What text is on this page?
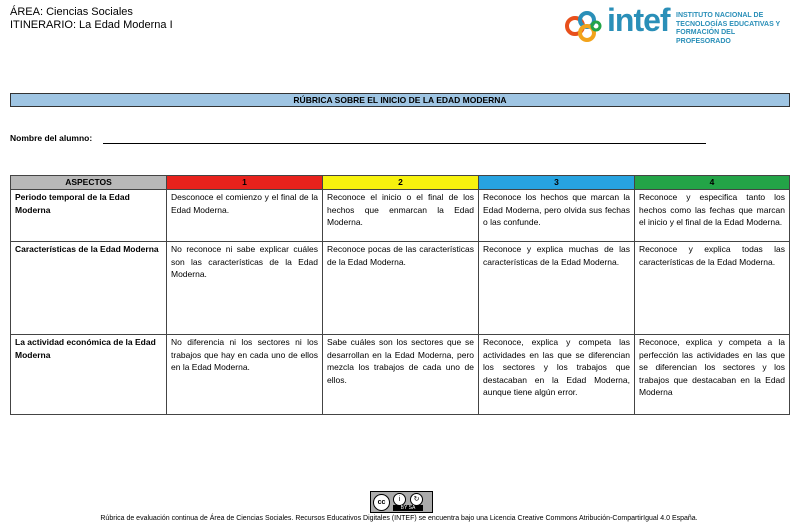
ÁREA: Ciencias Sociales
ITINERARIO: La Edad Moderna I	intef INSTITUTO NACIONAL DE
TECNOLOGÍAS EDUCATIVAS Y
FORMACIÓN DEL PROFESORADO
RÚBRICA SOBRE EL INICIO DE LA EDAD MODERNA
Nombre del alumno:
ASPECTOS	1	2	3	4
Periodo temporal de la Edad Moderna	Desconoce el comienzo y el final de la Edad Moderna.	Reconoce el inicio o el final de los hechos que enmarcan la Edad Moderna.	Reconoce los hechos que marcan la Edad Moderna, pero olvida sus fechas o las confunde.	Reconoce y especifica tanto los hechos como las fechas que marcan el inicio y el final de la Edad Moderna.
Características de la Edad Moderna	No reconoce ni sabe explicar cuáles son las características de la Edad Moderna.	Reconoce pocas de las características de la Edad Moderna.	Reconoce y explica muchas de las características de la Edad Moderna.	Reconoce y explica todas las características de la Edad Moderna.
La actividad económica de la Edad Moderna	No diferencia ni los sectores ni los trabajos que hay en cada uno de ellos en la Edad Moderna.	Sabe cuáles son los sectores que se desarrollan en la Edad Moderna, pero mezcla los trabajos de cada uno de ellos.	Reconoce, explica y competa las actividades en las que se diferencian los sectores y los trabajos que destacaban en la Edad Moderna, aunque tiene algún error.	Reconoce, explica y competa a la perfección las actividades en las que se diferencian los sectores y los trabajos que destacaban en la Edad Moderna
cc	i	↻
BY SA
Rúbrica de evaluación continua de Área de Ciencias Sociales. Recursos Educativos Digitales (INTEF) se encuentra bajo una Licencia Creative Commons Atribución-CompartirIgual 4.0 España.
